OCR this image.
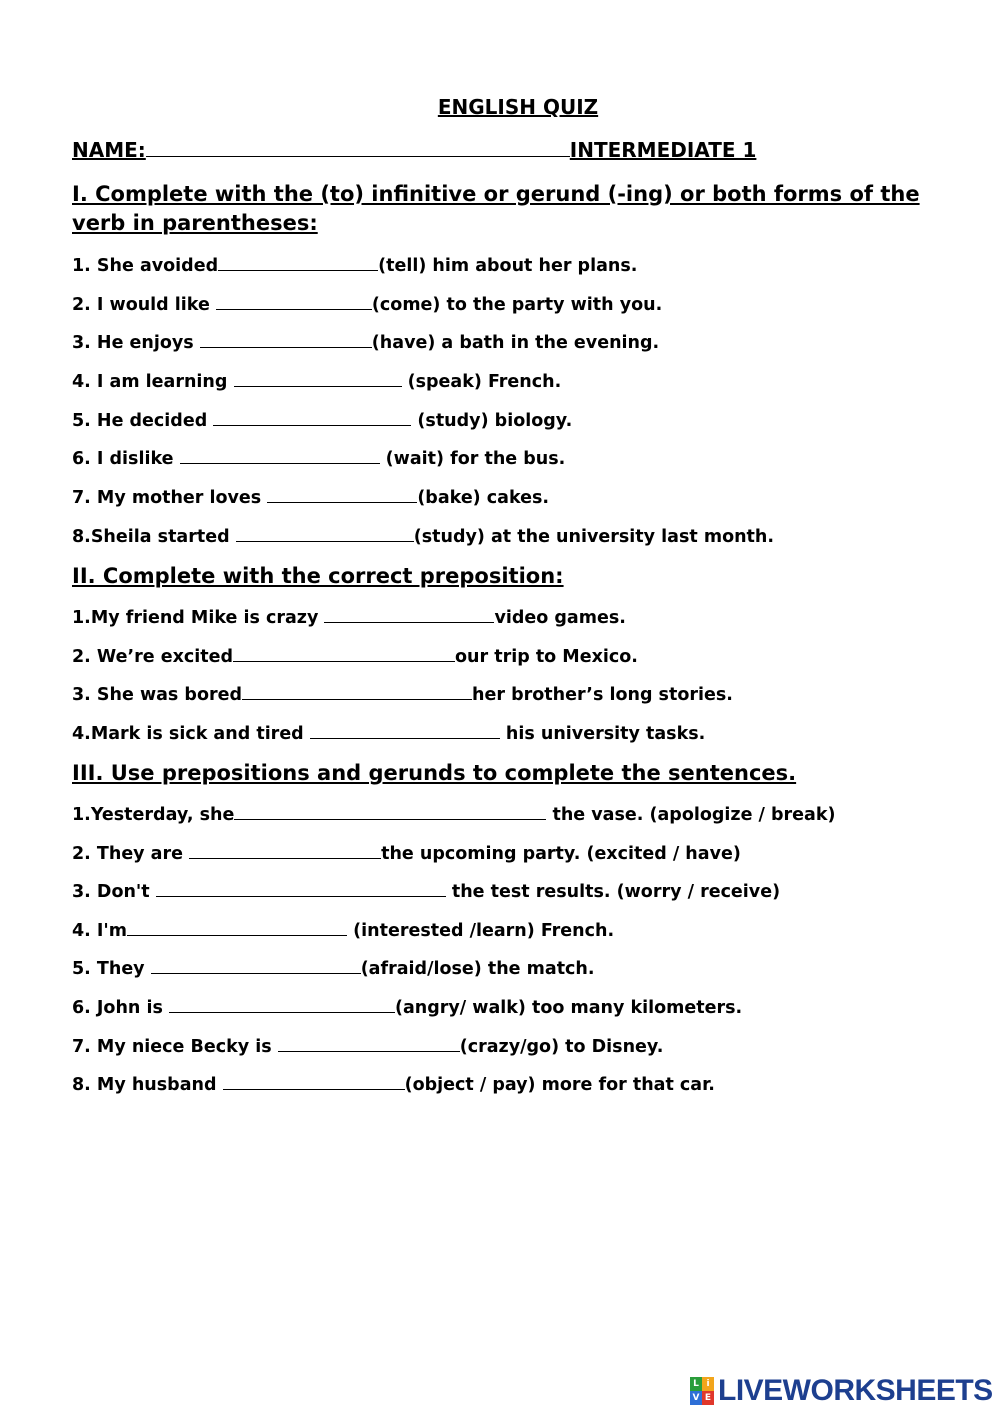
ENGLISH QUIZ
NAME:	INTERMEDIATE 1
I. Complete with the (to) infinitive or gerund (-ing) or both forms of the verb in parentheses:
1. She avoided	(tell) him about her plans.
2. I would like	(come) to the party with you.
3. He enjoys	(have) a bath in the evening.
4. I am learning	(speak) French.
5. He decided	(study) biology.
6. I dislike	(wait) for the bus.
7. My mother loves	(bake) cakes.
8.Sheila started	(study) at the university last month.
II. Complete with the correct preposition:
1.My friend Mike is crazy	video games.
2. We’re excited	our trip to Mexico.
3. She was bored	her brother’s long stories.
4.Mark is sick and tired	his university tasks.
III. Use prepositions and gerunds to complete the sentences.
1.Yesterday, she	the vase. (apologize / break)
2. They are	the upcoming party. (excited / have)
3. Don't	the test results. (worry / receive)
4. I'm	(interested /learn) French.
5. They	(afraid/lose) the match.
6. John is	(angry/ walk) too many kilometers.
7. My niece Becky is	(crazy/go) to Disney.
8. My husband	(object / pay) more for that car.
L i
V E LIVEWORKSHEETS
